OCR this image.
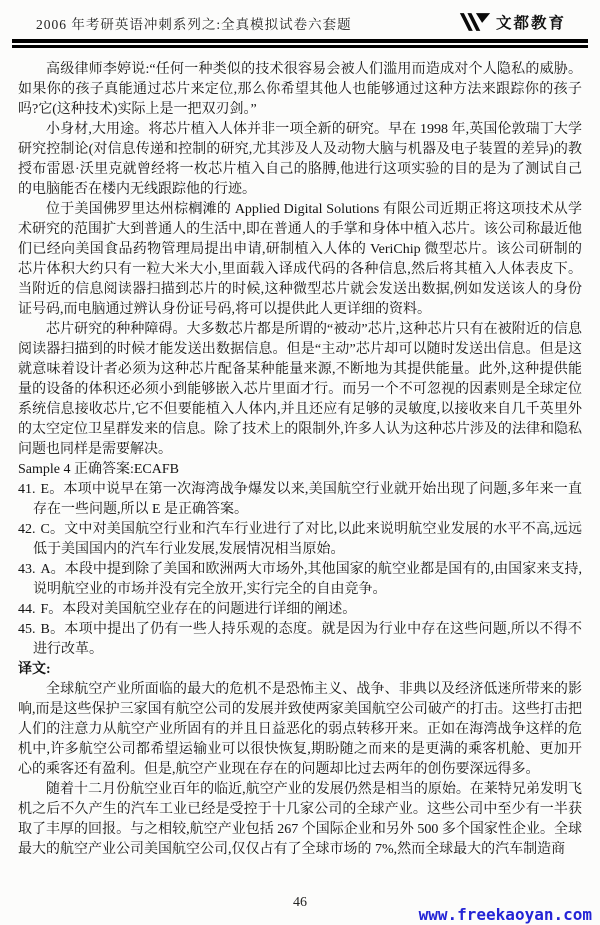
2006 年考研英语冲刺系列之:全真模拟试卷六套题	文都教育

高级律师李婷说:“任何一种类似的技术很容易会被人们滥用而造成对个人隐私的威胁。如果你的孩子真能通过芯片来定位,那么你希望其他人也能够通过这种方法来跟踪你的孩子吗?它(这种技术)实际上是一把双刃剑。”

小身材,大用途。将芯片植入人体并非一项全新的研究。早在 1998 年,英国伦敦瑞丁大学研究控制论(对信息传递和控制的研究,尤其涉及人及动物大脑与机器及电子装置的差异)的教授布雷恩·沃里克就曾经将一枚芯片植入自己的胳膊,他进行这项实验的目的是为了测试自己的电脑能否在楼内无线跟踪他的行迹。

位于美国佛罗里达州棕榈滩的 Applied Digital Solutions 有限公司近期正将这项技术从学术研究的范围扩大到普通人的生活中,即在普通人的手掌和身体中植入芯片。该公司称最近他们已经向美国食品药物管理局提出申请,研制植入人体的 VeriChip 微型芯片。该公司研制的芯片体积大约只有一粒大米大小,里面载入译成代码的各种信息,然后将其植入人体表皮下。当附近的信息阅读器扫描到芯片的时候,这种微型芯片就会发送出数据,例如发送该人的身份证号码,而电脑通过辨认身份证号码,将可以提供此人更详细的资料。

芯片研究的种种障碍。大多数芯片都是所谓的“被动”芯片,这种芯片只有在被附近的信息阅读器扫描到的时候才能发送出数据信息。但是“主动”芯片却可以随时发送出信息。但是这就意味着设计者必须为这种芯片配备某种能量来源,不断地为其提供能量。此外,这种提供能量的设备的体积还必须小到能够嵌入芯片里面才行。而另一个不可忽视的因素则是全球定位系统信息接收芯片,它不但要能植入人体内,并且还应有足够的灵敏度,以接收来自几千英里外的太空定位卫星群发来的信息。除了技术上的限制外,许多人认为这种芯片涉及的法律和隐私问题也同样是需要解决。

Sample 4 正确答案:ECAFB

41. E。本项中说早在第一次海湾战争爆发以来,美国航空行业就开始出现了问题,多年来一直存在一些问题,所以 E 是正确答案。

42. C。文中对美国航空行业和汽车行业进行了对比,以此来说明航空业发展的水平不高,远远低于美国国内的汽车行业发展,发展情况相当原始。

43. A。本段中提到除了美国和欧洲两大市场外,其他国家的航空业都是国有的,由国家来支持,说明航空业的市场并没有完全放开,实行完全的自由竞争。

44. F。本段对美国航空业存在的问题进行详细的阐述。

45. B。本项中提出了仍有一些人持乐观的态度。就是因为行业中存在这些问题,所以不得不进行改革。

译文:

全球航空产业所面临的最大的危机不是恐怖主义、战争、非典以及经济低迷所带来的影响,而是这些保护三家国有航空公司的发展并致使两家美国航空公司破产的打击。这些打击把人们的注意力从航空产业所固有的并且日益恶化的弱点转移开来。正如在海湾战争这样的危机中,许多航空公司都希望运输业可以很快恢复,期盼随之而来的是更满的乘客机舱、更加开心的乘客还有盈利。但是,航空产业现在存在的问题却比过去两年的创伤要深远得多。

随着十二月份航空业百年的临近,航空产业的发展仍然是相当的原始。在莱特兄弟发明飞机之后不久产生的汽车工业已经是受控于十几家公司的全球产业。这些公司中至少有一半获取了丰厚的回报。与之相较,航空产业包括 267 个国际企业和另外 500 多个国家性企业。全球最大的航空产业公司美国航空公司,仅仅占有了全球市场的 7%,然而全球最大的汽车制造商

46
www.freekaoyan.com
